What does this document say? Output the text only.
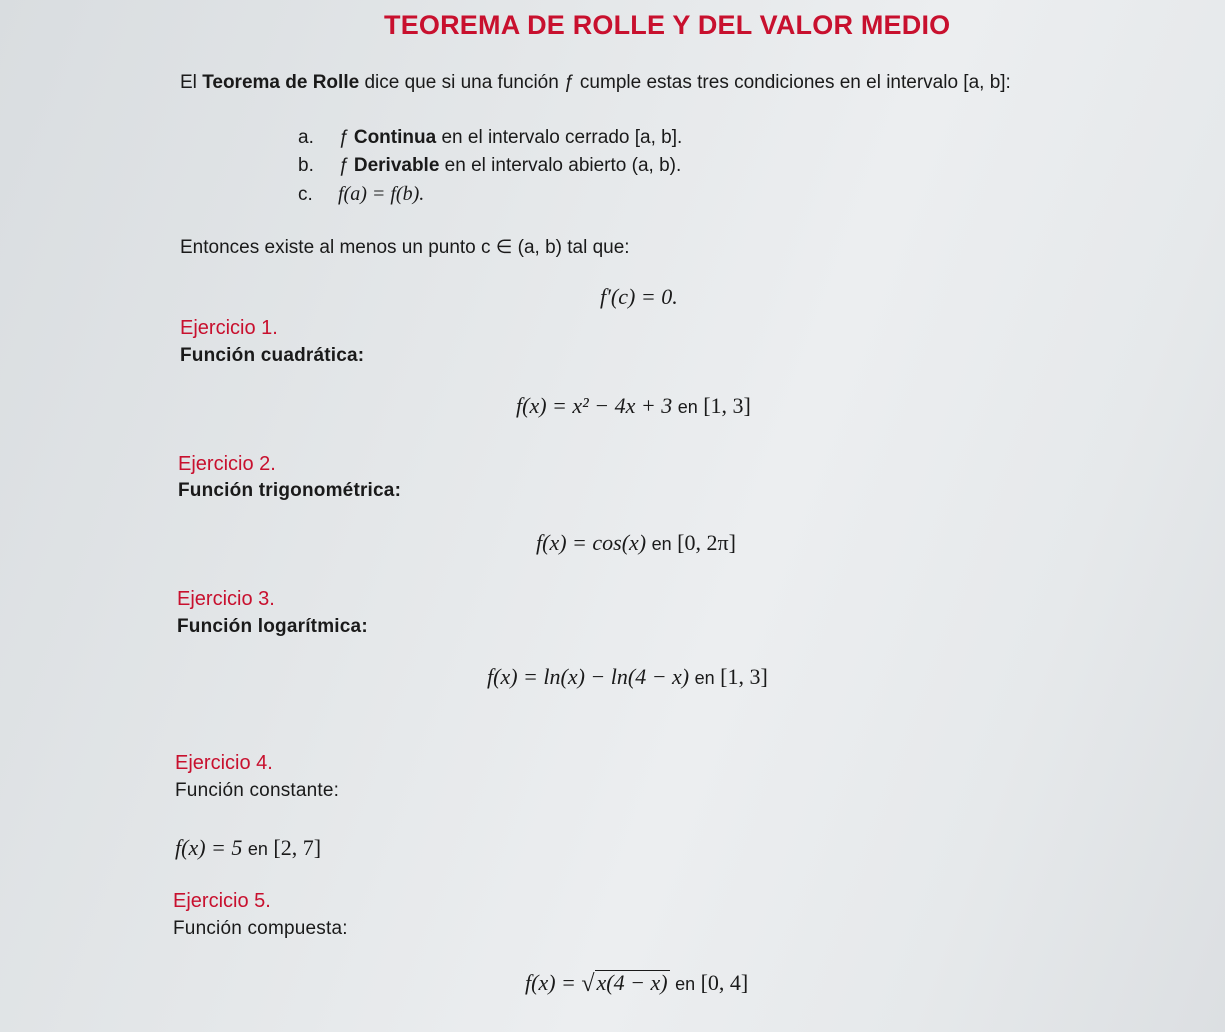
TEOREMA DE ROLLE Y DEL VALOR MEDIO
El Teorema de Rolle dice que si una función ƒ cumple estas tres condiciones en el intervalo [a, b]:
a. ƒ Continua en el intervalo cerrado [a, b].
b. ƒ Derivable en el intervalo abierto (a, b).
c. f(a) = f(b).
Entonces existe al menos un punto c ∈ (a, b) tal que:
f′(c) = 0.
Ejercicio 1.
Función cuadrática:
f(x) = x² − 4x + 3 en [1, 3]
Ejercicio 2.
Función trigonométrica:
f(x) = cos(x) en [0, 2π]
Ejercicio 3.
Función logarítmica:
f(x) = ln(x) − ln(4 − x) en [1, 3]
Ejercicio 4.
Función constante:
f(x) = 5 en [2, 7]
Ejercicio 5.
Función compuesta:
f(x) = √x(4 − x) en [0, 4]
